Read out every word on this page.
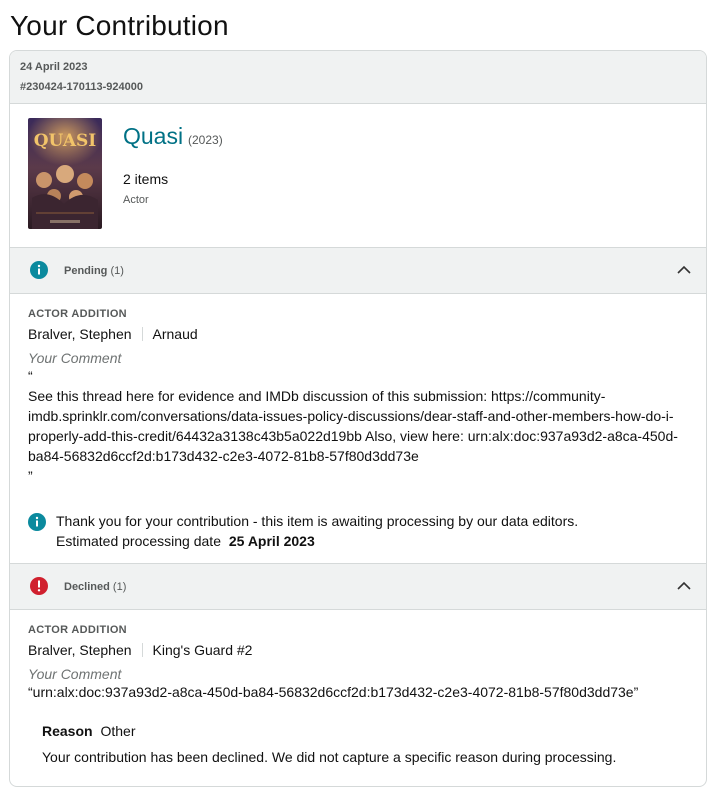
Your Contribution
24 April 2023
#230424-170113-924000
QUASI Quasi (2023)
2 items
Actor
Pending (1)
ACTOR ADDITION
Bralver, Stephen Arnaud
Your Comment
“
See this thread here for evidence and IMDb discussion of this submission: https://community-imdb.sprinklr.com/conversations/data-issues-policy-discussions/dear-staff-and-other-members-how-do-i-properly-add-this-credit/64432a3138c43b5a022d19bb Also, view here: urn:alx:doc:937a93d2-a8ca-450d-ba84-56832d6ccf2d:b173d432-c2e3-4072-81b8-57f80d3dd73e
”
Thank you for your contribution - this item is awaiting processing by our data editors.
Estimated processing date 25 April 2023
Declined (1)
ACTOR ADDITION
Bralver, Stephen King's Guard #2
Your Comment
“urn:alx:doc:937a93d2-a8ca-450d-ba84-56832d6ccf2d:b173d432-c2e3-4072-81b8-57f80d3dd73e”
Reason Other
Your contribution has been declined. We did not capture a specific reason during processing.
